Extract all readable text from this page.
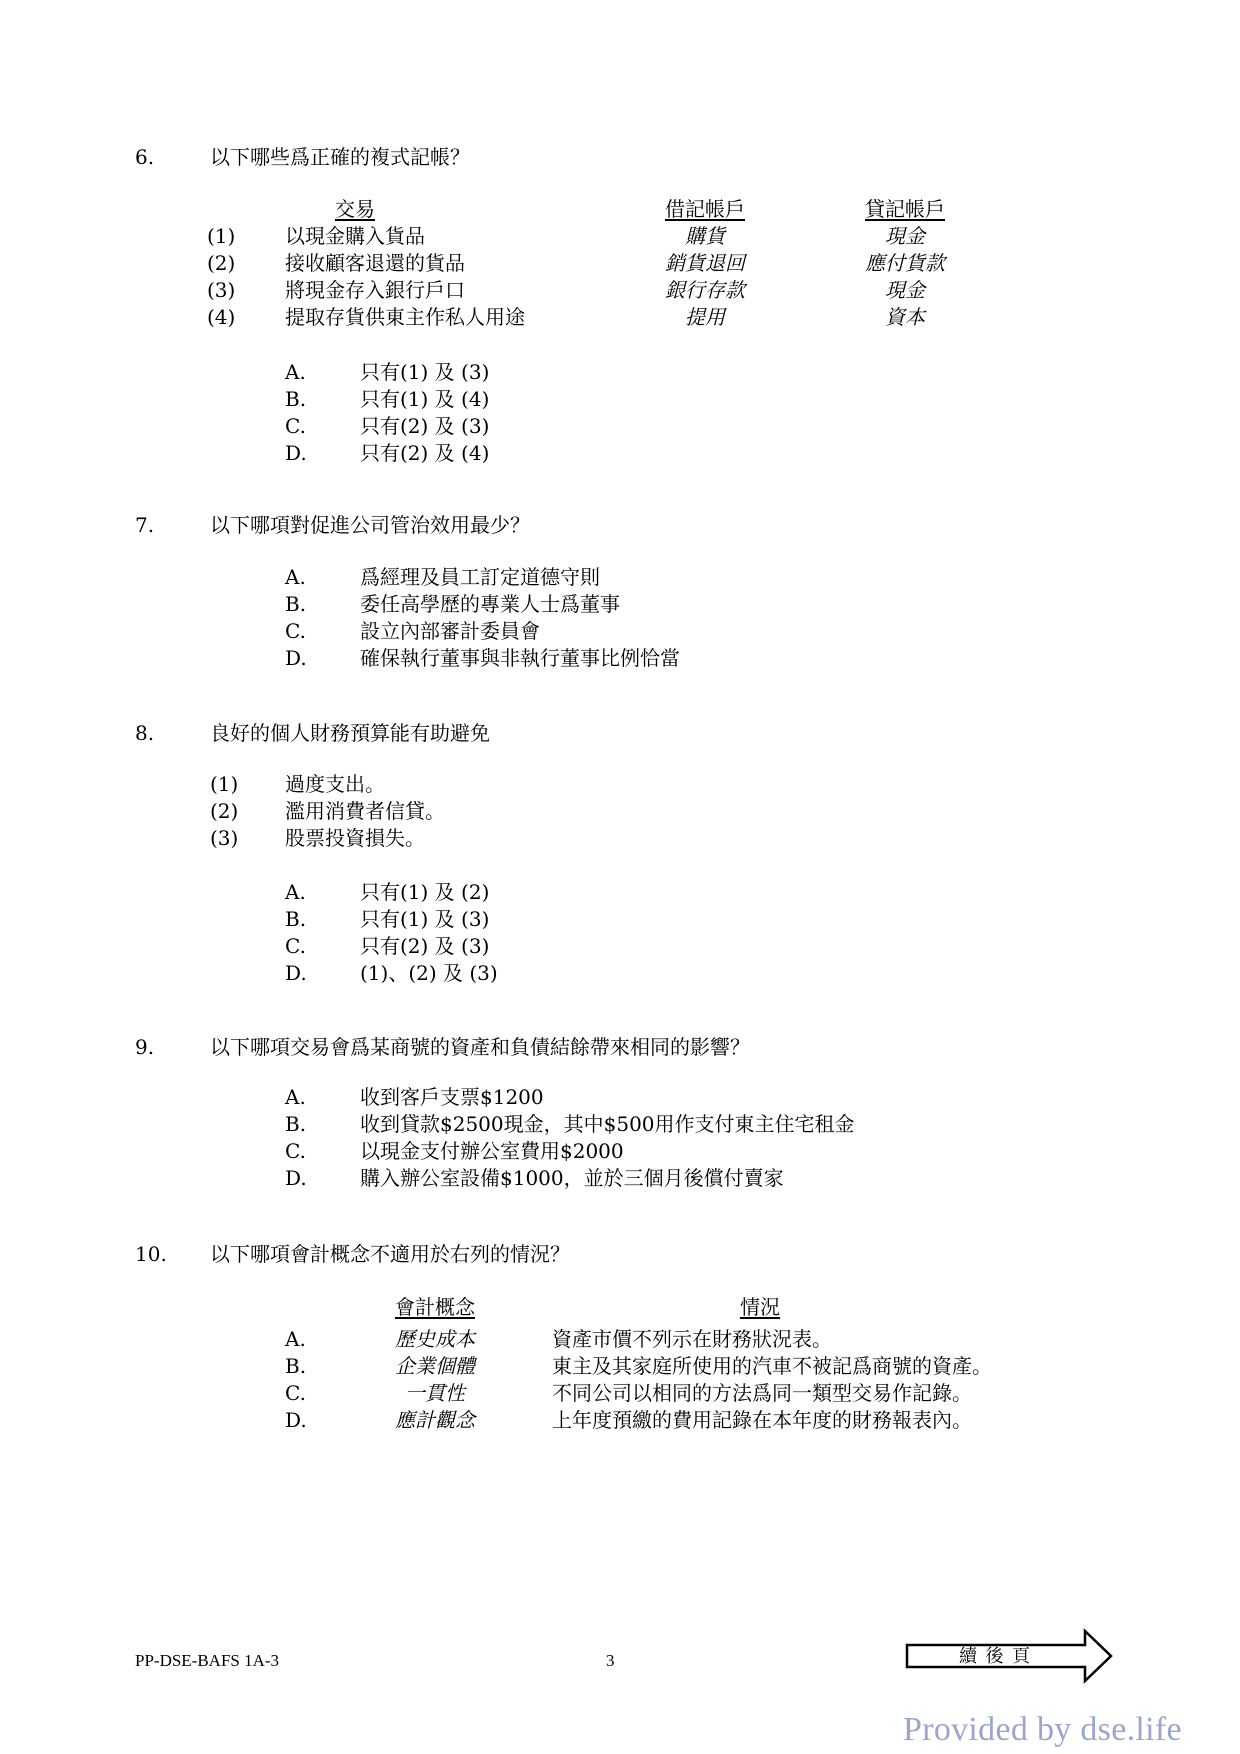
6.	以下哪些爲正確的複式記帳？
交易	借記帳戶	貸記帳戶
(1) 以現金購入貨品	購貨	現金
(2) 接收顧客退還的貨品	銷貨退回	應付貨款
(3) 將現金存入銀行戶口	銀行存款	現金
(4) 提取存貨供東主作私人用途	提用	資本
A.	只有(1) 及 (3)
B.	只有(1) 及 (4)
C.	只有(2) 及 (3)
D.	只有(2) 及 (4)
7.	以下哪項對促進公司管治效用最少？
A.	爲經理及員工訂定道德守則
B.	委任高學歷的專業人士爲董事
C.	設立內部審計委員會
D.	確保執行董事與非執行董事比例恰當
8.	良好的個人財務預算能有助避免
(1) 過度支出。
(2) 濫用消費者信貸。
(3) 股票投資損失。
A.	只有(1) 及 (2)
B.	只有(1) 及 (3)
C.	只有(2) 及 (3)
D.	(1)、(2) 及 (3)
9.	以下哪項交易會爲某商號的資產和負債結餘帶來相同的影響？
A.	收到客戶支票$1200
B.	收到貸款$2500現金，其中$500用作支付東主住宅租金
C.	以現金支付辦公室費用$2000
D.	購入辦公室設備$1000，並於三個月後償付賣家
10. 以下哪項會計概念不適用於右列的情況？
會計概念	情況
A.	歷史成本	資產市價不列示在財務狀況表。
B.	企業個體	東主及其家庭所使用的汽車不被記爲商號的資產。
C.	一貫性	不同公司以相同的方法爲同一類型交易作記錄。
D.	應計觀念	上年度預繳的費用記錄在本年度的財務報表內。
PP-DSE-BAFS 1A-3	3	續 後 頁
Provided by dse.life
